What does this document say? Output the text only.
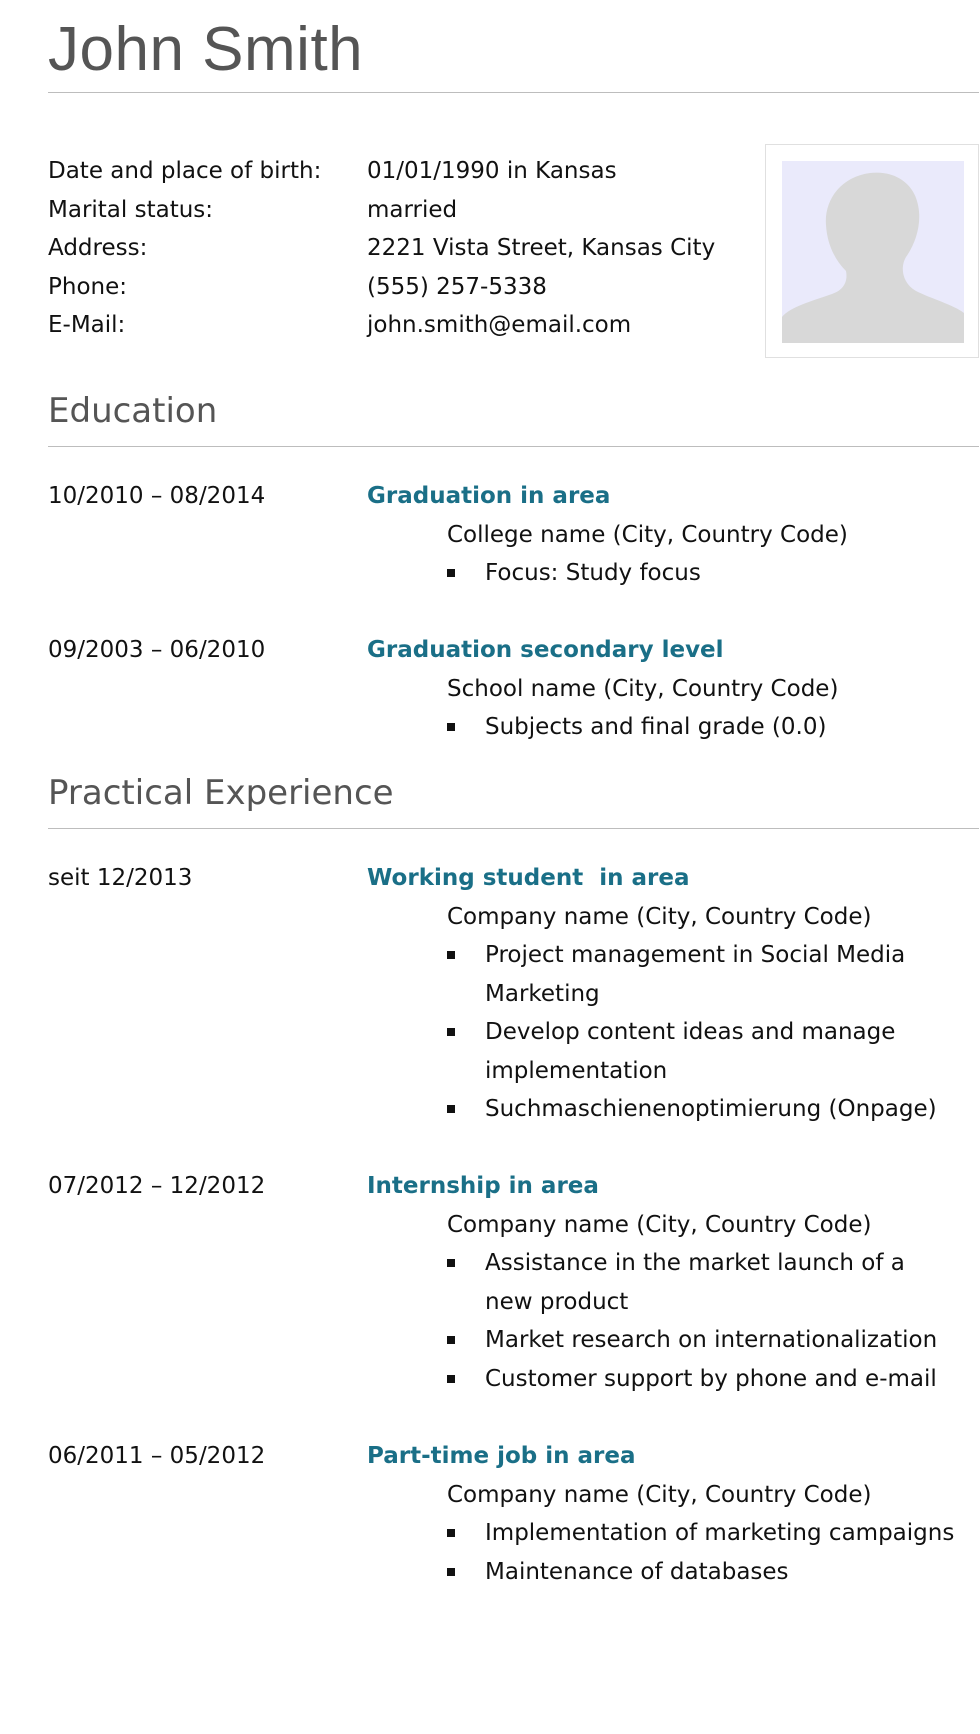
John Smith
Date and place of birth: 01/01/1990 in Kansas
Marital status:	married
Address:	2221 Vista Street, Kansas City
Phone:	(555) 257-5338
E-Mail:	john.smith@email.com
Education
10/2010 – 08/2014	Graduation in area
College name (City, Country Code)
Focus: Study focus
09/2003 – 06/2010	Graduation secondary level
School name (City, Country Code)
Subjects and final grade (0.0)
Practical Experience
seit 12/2013	Working student  in area
Company name (City, Country Code)
Project management in Social Media Marketing
Develop content ideas and manage implementation
Suchmaschienenoptimierung (Onpage)
07/2012 – 12/2012	Internship in area
Company name (City, Country Code)
Assistance in the market launch of a new product
Market research on internationalization
Customer support by phone and e-mail
06/2011 – 05/2012	Part-time job in area
Company name (City, Country Code)
Implementation of marketing campaigns
Maintenance of databases
